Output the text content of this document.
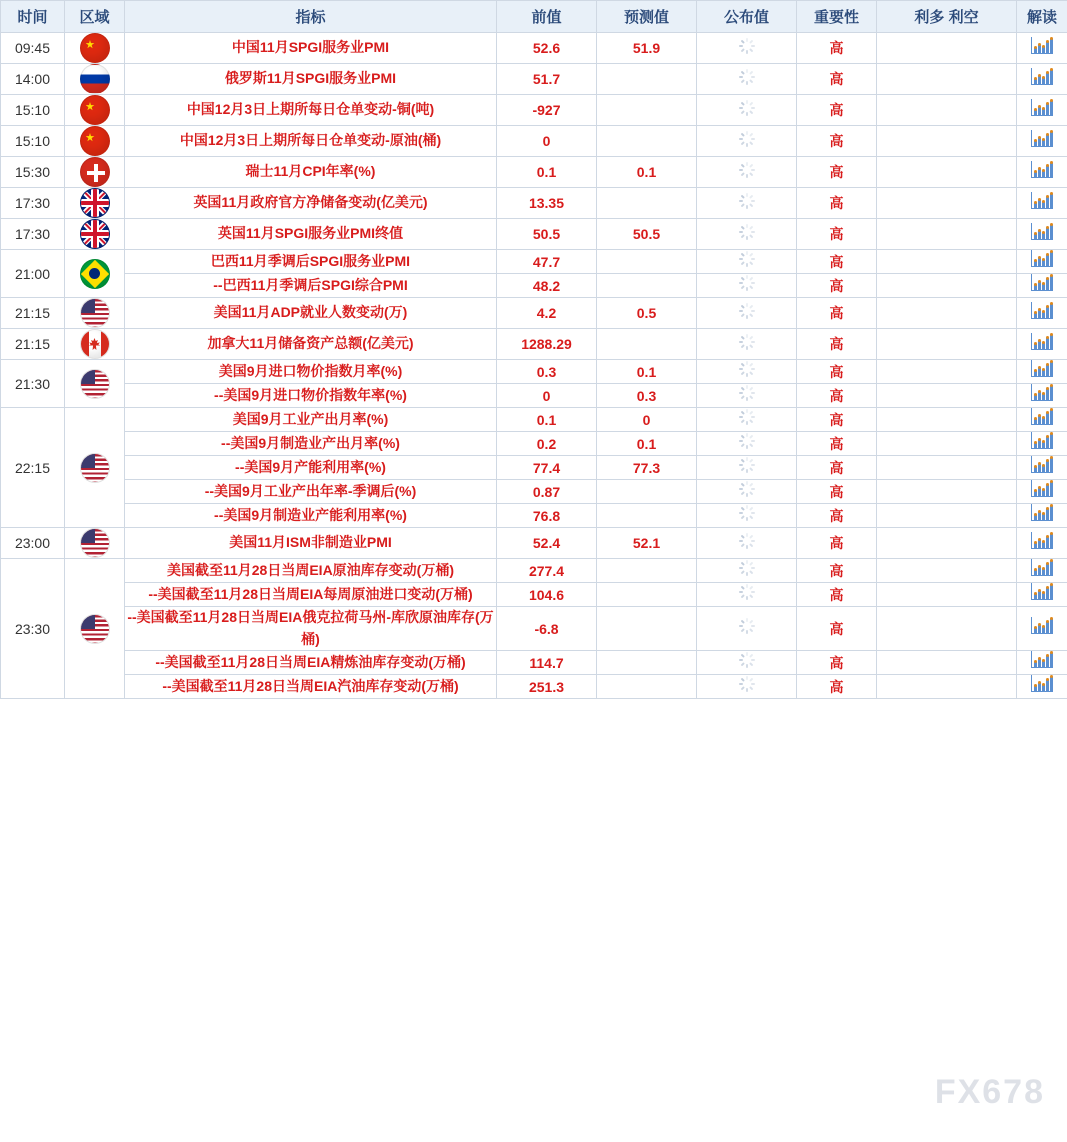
时间	区域	指标	前值	预测值	公布值	重要性	利多 利空	解读
09:45		中国11月SPGI服务业PMI	52.6	51.9		高		

14:00		俄罗斯11月SPGI服务业PMI	51.7			高		

15:10		中国12月3日上期所每日仓单变动-铜(吨)	-927			高		

15:10		中国12月3日上期所每日仓单变动-原油(桶)	0			高		

15:30		瑞士11月CPI年率(%)	0.1	0.1		高		

17:30		英国11月政府官方净储备变动(亿美元)	13.35			高		

17:30		英国11月SPGI服务业PMI终值	50.5	50.5		高		

21:00		巴西11月季调后SPGI服务业PMI	47.7			高		

		--巴西11月季调后SPGI综合PMI	48.2			高		

21:15		美国11月ADP就业人数变动(万)	4.2	0.5		高		

21:15		加拿大11月储备资产总额(亿美元)	1288.29			高		

21:30		美国9月进口物价指数月率(%)	0.3	0.1		高		

		--美国9月进口物价指数年率(%)	0	0.3		高		

22:15		美国9月工业产出月率(%)	0.1	0		高		

		--美国9月制造业产出月率(%)	0.2	0.1		高		

		--美国9月产能利用率(%)	77.4	77.3		高		

		--美国9月工业产出年率-季调后(%)	0.87			高		

		--美国9月制造业产能利用率(%)	76.8			高		

23:00		美国11月ISM非制造业PMI	52.4	52.1		高		

23:30		美国截至11月28日当周EIA原油库存变动(万桶)	277.4			高		

		--美国截至11月28日当周EIA每周原油进口变动(万桶)	104.6			高		

		--美国截至11月28日当周EIA俄克拉荷马州-库欣原油库存(万桶)	-6.8			高		

		--美国截至11月28日当周EIA精炼油库存变动(万桶)	114.7			高		

		--美国截至11月28日当周EIA汽油库存变动(万桶)	251.3			高		
FX678
